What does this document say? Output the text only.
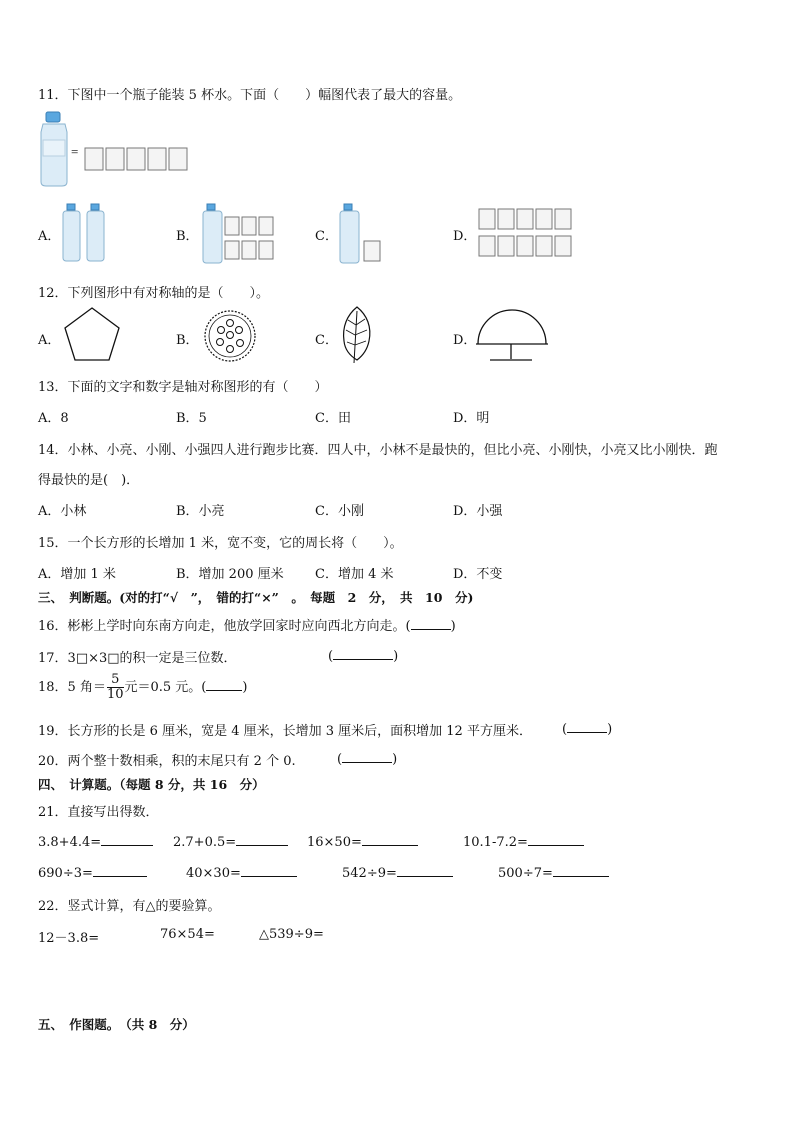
11．下图中一个瓶子能装 5 杯水。下面（　　）幅图代表了最大的容量。
=
A．	B．	C．	D．
12．下列图形中有对称轴的是（　　）。
A．	B．	C．	D．
13．下面的文字和数字是轴对称图形的有（　　）
A．8	B．5	C．田	D．明
14．小林、小亮、小刚、小强四人进行跑步比赛．四人中，小林不是最快的，但比小亮、小刚快，小亮又比小刚快．跑
得最快的是(　)．
A．小林	B．小亮	C．小刚	D．小强
15．一个长方形的长增加 1 米，宽不变，它的周长将（　　）。
A．增加 1 米	B．增加 200 厘米 C．增加 4 米	D．不变
三、　判断题。(对的打“√　”，　错的打“×”　。　每题　2　分，　共　10　分)
16．彬彬上学时向东南方向走，他放学回家时应向西北方向走。(	)
17．3□×3□的积一定是三位数．	(	)
18．5 角＝ $\frac{5}{10}$ 元＝0.5 元。(	)
19．长方形的长是 6 厘米，宽是 4 厘米，长增加 3 厘米后，面积增加 12 平方厘米． (	)
20．两个整十数相乘，积的末尾只有 2 个 0.	(	)
四、　计算题。（每题 8 分，共 16　分）
21．直接写出得数．
3.8+4.4=	2.7+0.5=	16×50=	10.1-7.2=
690÷3=	40×30=	542÷9=	500÷7=
22．竖式计算，有△的要验算。
12－3.8=	76×54=	△539÷9=
五、　作图题。　（共 8　分）
